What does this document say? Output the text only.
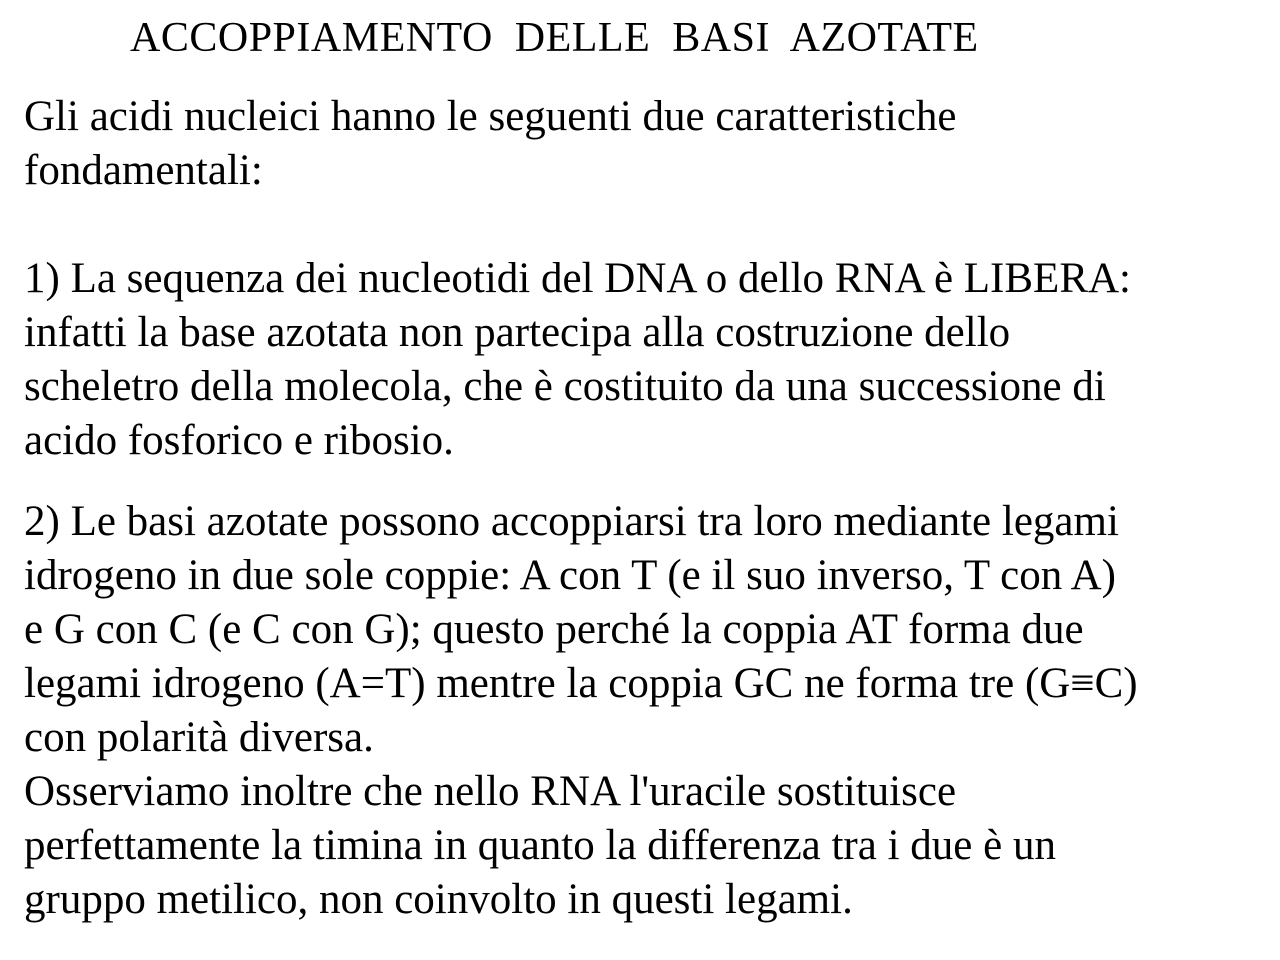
ACCOPPIAMENTO  DELLE  BASI  AZOTATE
Gli acidi nucleici hanno le seguenti due caratteristiche
fondamentali:
1) La sequenza dei nucleotidi del DNA o dello RNA è LIBERA:
infatti la base azotata non partecipa alla costruzione dello
scheletro della molecola, che è costituito da una successione di
acido fosforico e ribosio.
2) Le basi azotate possono accoppiarsi tra loro mediante legami
idrogeno in due sole coppie: A con T (e il suo inverso, T con A)
e G con C (e C con G); questo perché la coppia AT forma due
legami idrogeno (A=T) mentre la coppia GC ne forma tre (G≡C)
con polarità diversa.
Osserviamo inoltre che nello RNA l'uracile sostituisce
perfettamente la timina in quanto la differenza tra i due è un
gruppo metilico, non coinvolto in questi legami.
